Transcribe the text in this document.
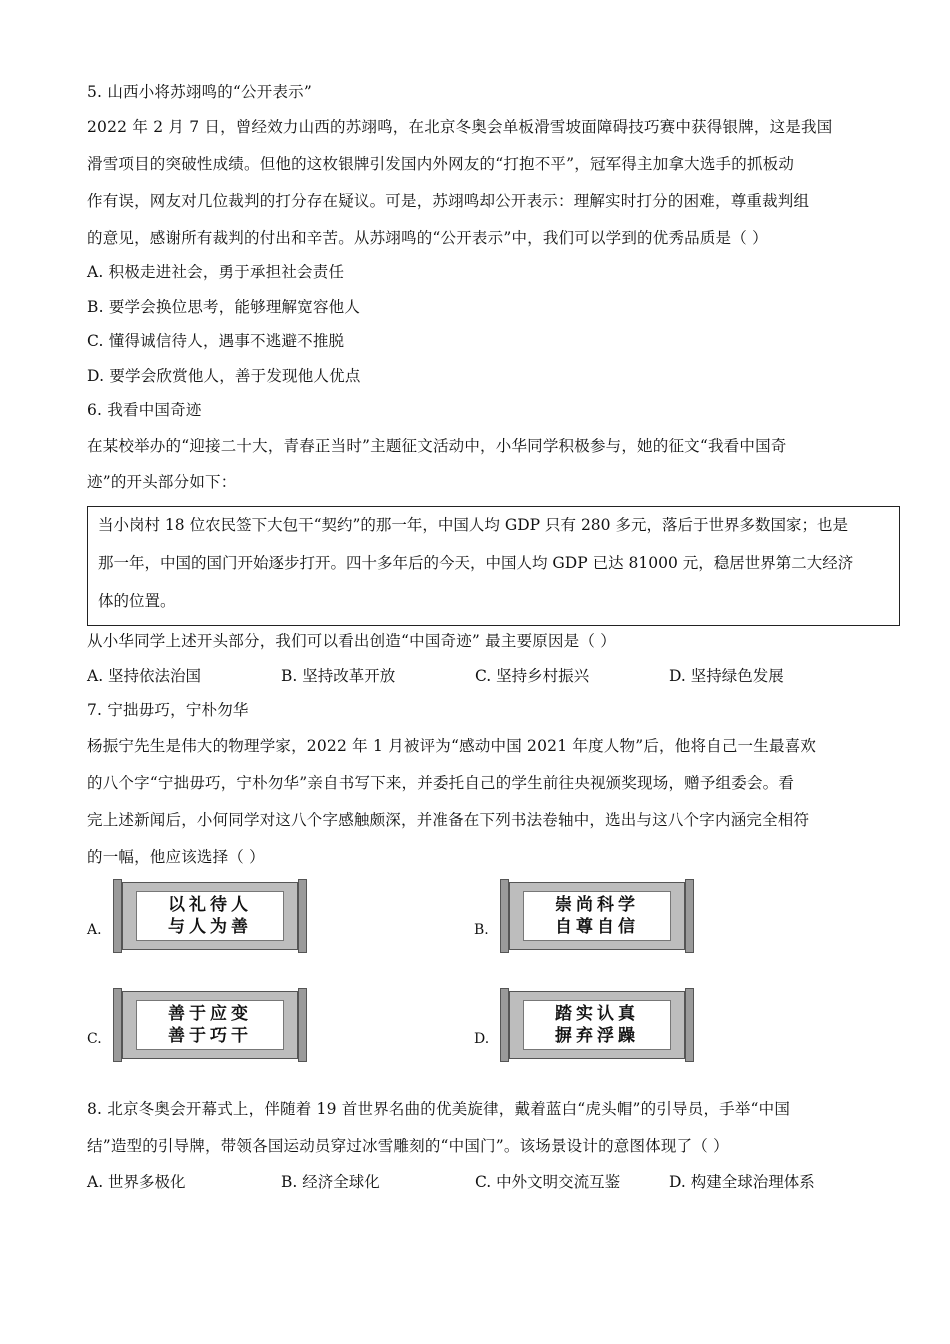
5. 山西小将苏翊鸣的“公开表示”
2022 年 2 月 7 日，曾经效力山西的苏翊鸣，在北京冬奥会单板滑雪坡面障碍技巧赛中获得银牌，这是我国
滑雪项目的突破性成绩。但他的这枚银牌引发国内外网友的“打抱不平”，冠军得主加拿大选手的抓板动
作有误，网友对几位裁判的打分存在疑议。可是，苏翊鸣却公开表示：理解实时打分的困难，尊重裁判组
的意见，感谢所有裁判的付出和辛苦。从苏翊鸣的“公开表示”中，我们可以学到的优秀品质是（ ）
A. 积极走进社会，勇于承担社会责任
B. 要学会换位思考，能够理解宽容他人
C. 懂得诚信待人，遇事不逃避不推脱
D. 要学会欣赏他人，善于发现他人优点
6. 我看中国奇迹
在某校举办的“迎接二十大，青春正当时”主题征文活动中，小华同学积极参与，她的征文“我看中国奇
迹”的开头部分如下：
当小岗村 18 位农民签下大包干“契约”的那一年，中国人均 GDP 只有 280 多元，落后于世界多数国家；也是
那一年，中国的国门开始逐步打开。四十多年后的今天，中国人均 GDP 已达 81000 元，稳居世界第二大经济
体的位置。
从小华同学上述开头部分，我们可以看出创造“中国奇迹” 最主要原因是（ ）
A. 坚持依法治国	B. 坚持改革开放	C. 坚持乡村振兴	D. 坚持绿色发展
7. 宁拙毋巧，宁朴勿华
杨振宁先生是伟大的物理学家，2022 年 1 月被评为“感动中国 2021 年度人物”后，他将自己一生最喜欢
的八个字“宁拙毋巧，宁朴勿华”亲自书写下来，并委托自己的学生前往央视颁奖现场，赠予组委会。看
完上述新闻后，小何同学对这八个字感触颇深，并准备在下列书法卷轴中，选出与这八个字内涵完全相符
的一幅，他应该选择（ ）
A.
以礼待人
与人为善	B.
崇尚科学
自尊自信
C.
善于应变
善于巧干	D.
踏实认真
摒弃浮躁
8. 北京冬奥会开幕式上，伴随着 19 首世界名曲的优美旋律，戴着蓝白“虎头帽”的引导员，手举“中国
结”造型的引导牌，带领各国运动员穿过冰雪雕刻的“中国门”。该场景设计的意图体现了（ ）
A. 世界多极化	B. 经济全球化	C. 中外文明交流互鉴	D. 构建全球治理体系
